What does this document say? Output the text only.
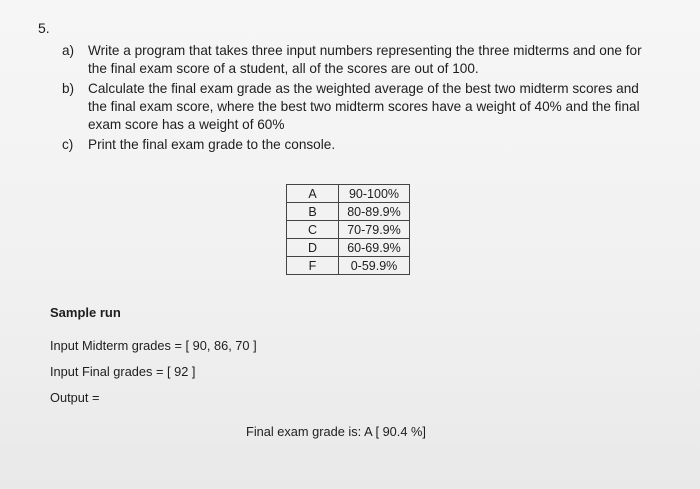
5.
a)	Write a program that takes three input numbers representing the three midterms and one for the final exam score of a student, all of the scores are out of 100.
b)	Calculate the final exam grade as the weighted average of the best two midterm scores and the final exam score, where the best two midterm scores have a weight of 40% and the final exam score has a weight of 60%
c)	Print the final exam grade to the console.
A	90-100%
B	80-89.9%
C	70-79.9%
D	60-69.9%
F	0-59.9%
Sample run
Input Midterm grades = [ 90, 86, 70 ]
Input Final grades = [ 92 ]
Output =
Final exam grade is: A [ 90.4 %]
